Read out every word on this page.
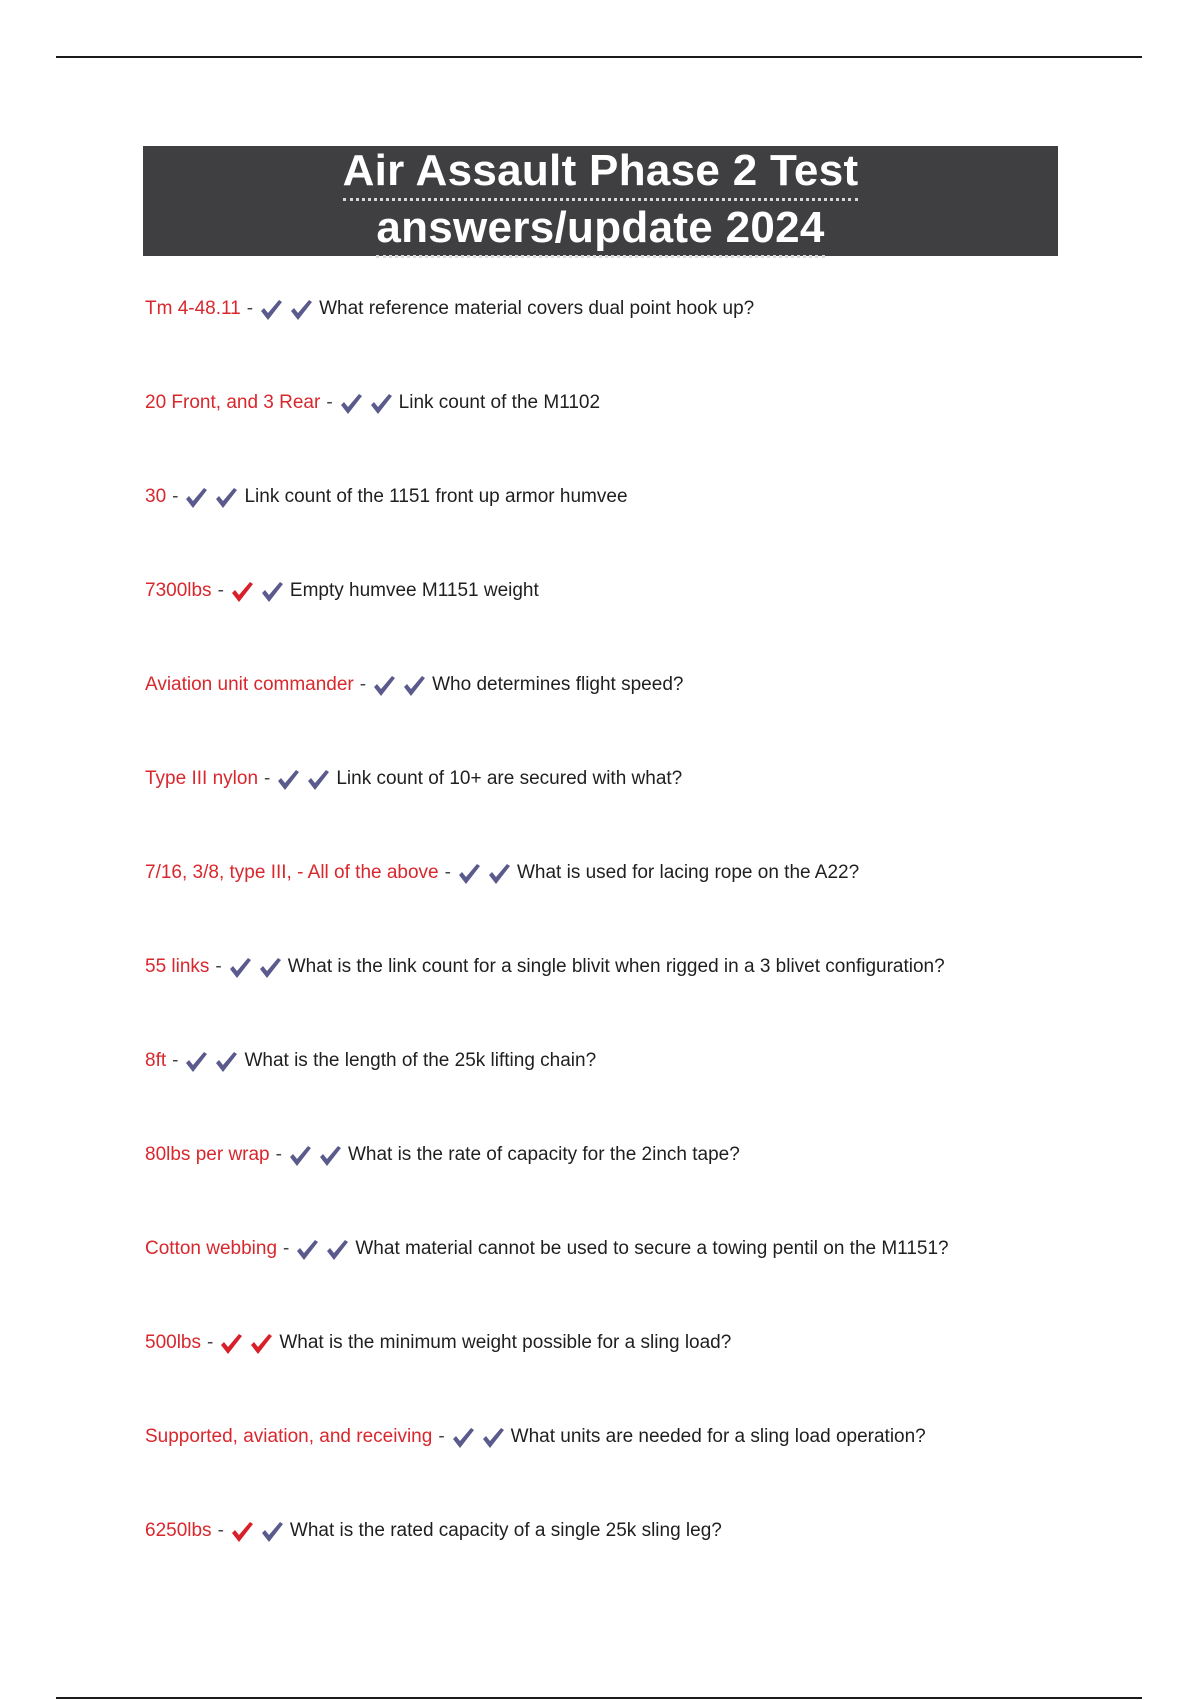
Air Assault Phase 2 Test
answers/update 2024
Tm 4-48.11 -	What reference material covers dual point hook up?
20 Front, and 3 Rear -	Link count of the M1102
30 -	Link count of the 1151 front up armor humvee
7300lbs -	Empty humvee M1151 weight
Aviation unit commander -	Who determines flight speed?
Type III nylon -	Link count of 10+ are secured with what?
7/16, 3/8, type III, - All of the above -	What is used for lacing rope on the A22?
55 links -	What is the link count for a single blivit when rigged in a 3 blivet configuration?
8ft -	What is the length of the 25k lifting chain?
80lbs per wrap -	What is the rate of capacity for the 2inch tape?
Cotton webbing -	What material cannot be used to secure a towing pentil on the M1151?
500lbs -	What is the minimum weight possible for a sling load?
Supported, aviation, and receiving -	What units are needed for a sling load operation?
6250lbs -	What is the rated capacity of a single 25k sling leg?
